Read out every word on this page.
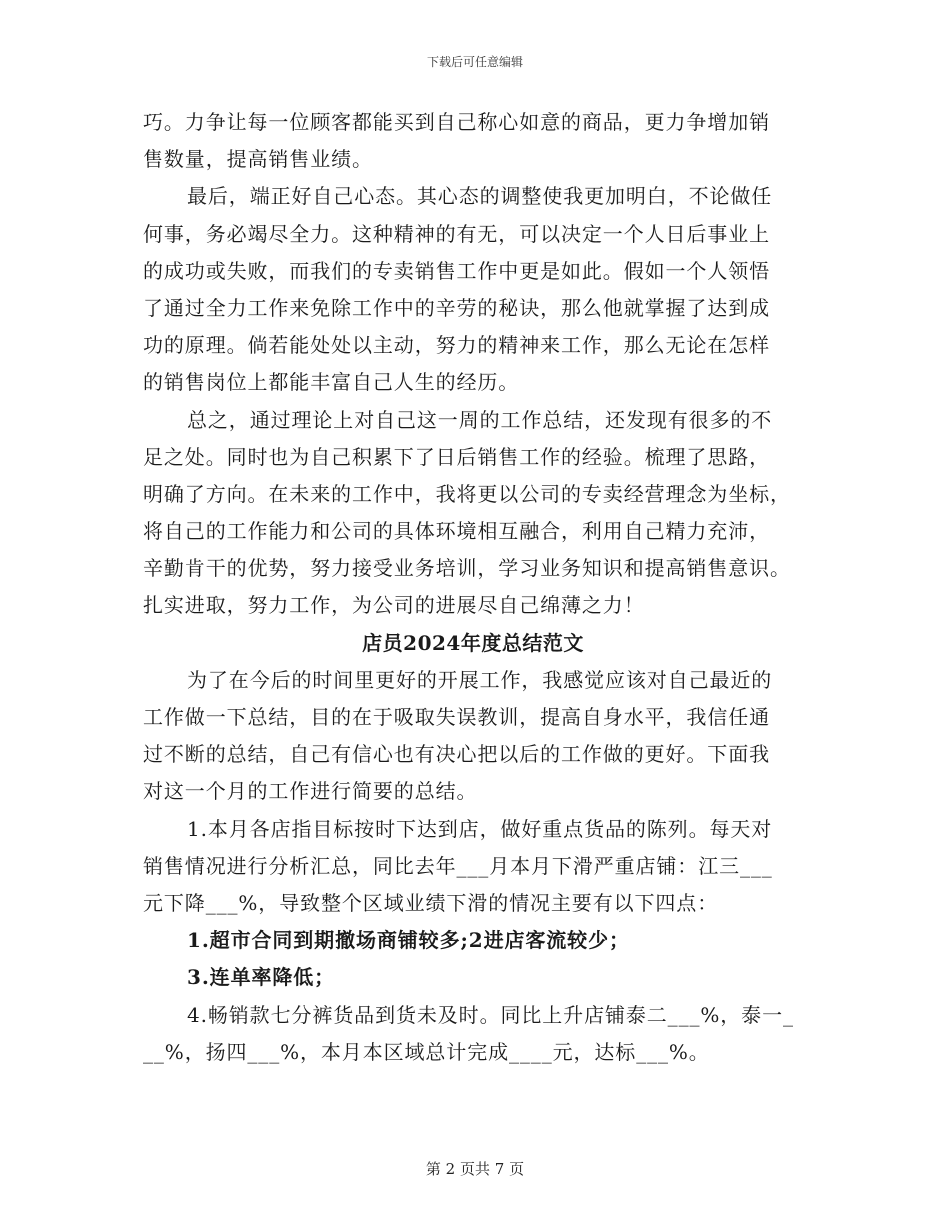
下载后可任意编辑
巧。力争让每一位顾客都能买到自己称心如意的商品，更力争增加销
售数量，提高销售业绩。
最后，端正好自己心态。其心态的调整使我更加明白，不论做任
何事，务必竭尽全力。这种精神的有无，可以决定一个人日后事业上
的成功或失败，而我们的专卖销售工作中更是如此。假如一个人领悟
了通过全力工作来免除工作中的辛劳的秘诀，那么他就掌握了达到成
功的原理。倘若能处处以主动，努力的精神来工作，那么无论在怎样
的销售岗位上都能丰富自己人生的经历。
总之，通过理论上对自己这一周的工作总结，还发现有很多的不
足之处。同时也为自己积累下了日后销售工作的经验。梳理了思路，
明确了方向。在未来的工作中，我将更以公司的专卖经营理念为坐标，
将自己的工作能力和公司的具体环境相互融合，利用自己精力充沛，
辛勤肯干的优势，努力接受业务培训，学习业务知识和提高销售意识。
扎实进取，努力工作，为公司的进展尽自己绵薄之力！
店员2024年度总结范文
为了在今后的时间里更好的开展工作，我感觉应该对自己最近的
工作做一下总结，目的在于吸取失误教训，提高自身水平，我信任通
过不断的总结，自己有信心也有决心把以后的工作做的更好。下面我
对这一个月的工作进行简要的总结。
1.本月各店指目标按时下达到店，做好重点货品的陈列。每天对
销售情况进行分析汇总，同比去年___月本月下滑严重店铺：江三___
元下降___%，导致整个区域业绩下滑的情况主要有以下四点：
1.超市合同到期撤场商铺较多;2进店客流较少；
3.连单率降低；
4.畅销款七分裤货品到货未及时。同比上升店铺泰二___%，泰一_
__%，扬四___%，本月本区域总计完成____元，达标___%。
第 2 页共 7 页
